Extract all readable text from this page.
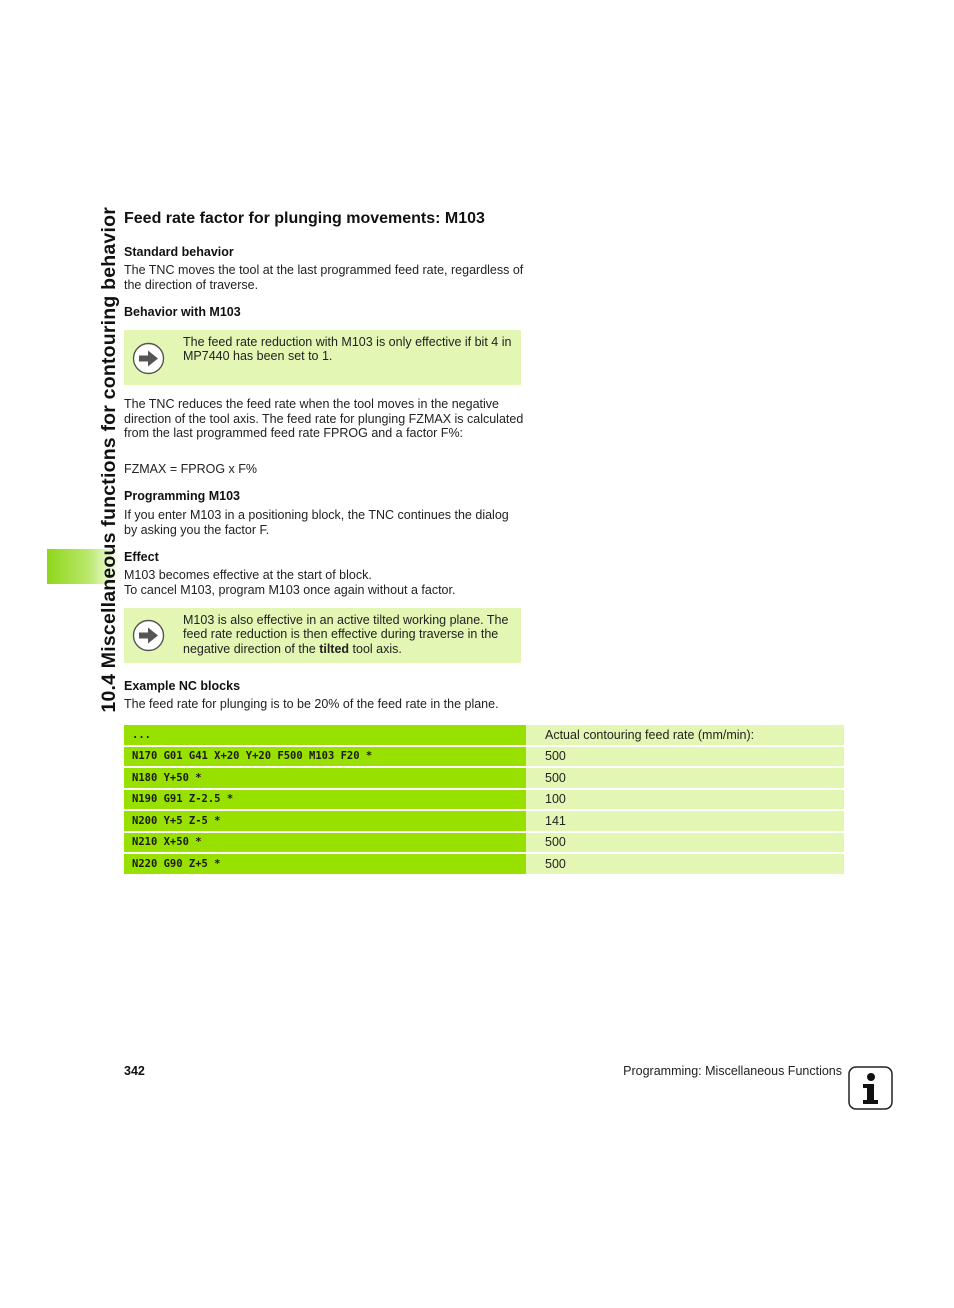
10.4 Miscellaneous functions for contouring behavior Feed rate factor for plunging movements: M103
Standard behavior
The TNC moves the tool at the last programmed feed rate, regardless of the direction of traverse.
Behavior with M103
The feed rate reduction with M103 is only effective if bit 4 in MP7440 has been set to 1.
The TNC reduces the feed rate when the tool moves in the negative direction of the tool axis. The feed rate for plunging FZMAX is calculated from the last programmed feed rate FPROG and a factor F%:
FZMAX = FPROG x F%
Programming M103
If you enter M103 in a positioning block, the TNC continues the dialog by asking you the factor F.
Effect
M103 becomes effective at the start of block.
To cancel M103, program M103 once again without a factor.
M103 is also effective in an active tilted working plane. The feed rate reduction is then effective during traverse in the negative direction of the tilted tool axis.
Example NC blocks
The feed rate for plunging is to be 20% of the feed rate in the plane.
...	Actual contouring feed rate (mm/min):
N170 G01 G41 X+20 Y+20 F500 M103 F20 *	500
N180 Y+50 *	500
N190 G91 Z-2.5 *	100
N200 Y+5 Z-5 *	141
N210 X+50 *	500
N220 G90 Z+5 *	500
342	Programming: Miscellaneous Functions
